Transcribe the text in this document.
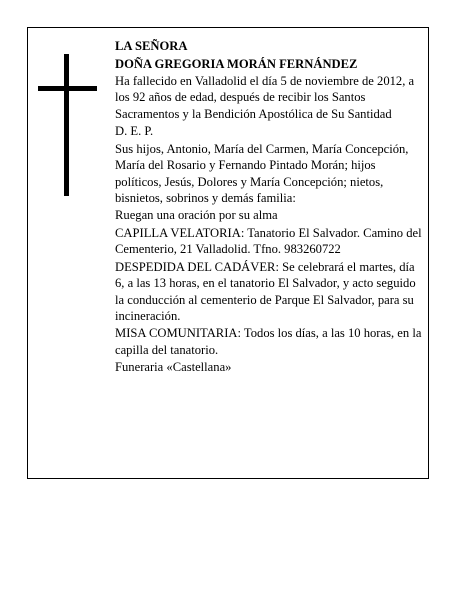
LA SEÑORA

DOÑA GREGORIA MORÁN FERNÁNDEZ

Ha fallecido en Valladolid el día 5 de noviembre de 2012, a los 92 años de edad, después de recibir los Santos Sacramentos y la Bendición Apostólica de Su Santidad

D. E. P.

Sus hijos, Antonio, María del Carmen, María Concepción, María del Rosario y Fernando Pintado Morán; hijos políticos, Jesús, Dolores y María Concepción; nietos, bisnietos, sobrinos y demás familia:

Ruegan una oración por su alma

CAPILLA VELATORIA: Tanatorio El Salvador. Camino del Cementerio, 21 Valladolid. Tfno. 983260722

DESPEDIDA DEL CADÁVER: Se celebrará el martes, día 6, a las 13 horas, en el tanatorio El Salvador, y acto seguido la conducción al cementerio de Parque El Salvador, para su incineración.

MISA COMUNITARIA: Todos los días, a las 10 horas, en la capilla del tanatorio.

Funeraria «Castellana»
